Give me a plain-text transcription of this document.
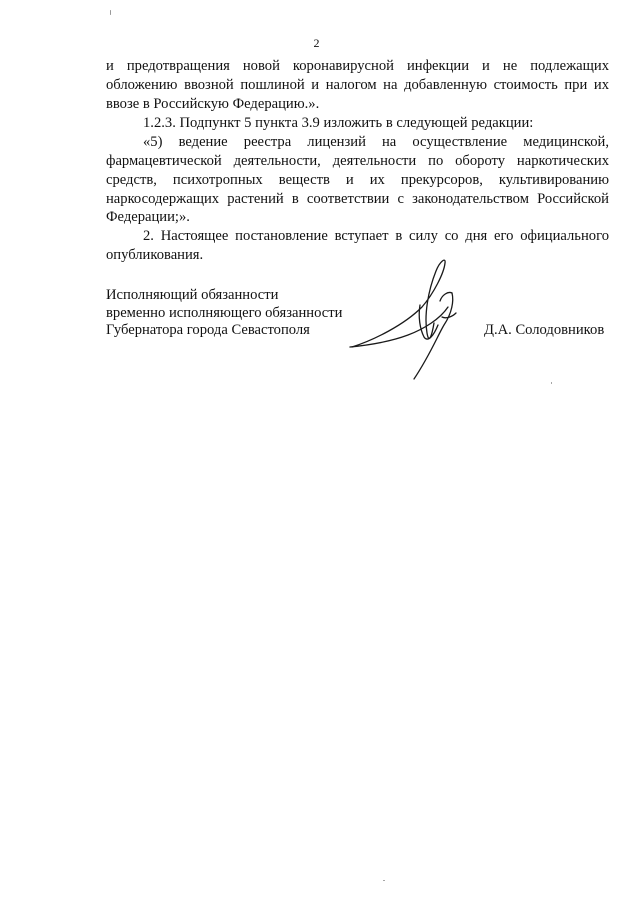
2
и предотвращения новой коронавирусной инфекции и не подлежащих
обложению ввозной пошлиной и налогом на добавленную стоимость при их
ввозе в Российскую Федерацию.».
1.2.3. Подпункт 5 пункта 3.9 изложить в следующей редакции:
«5) ведение реестра лицензий на осуществление медицинской,
фармацевтической деятельности, деятельности по обороту наркотических
средств, психотропных веществ и их прекурсоров, культивированию
наркосодержащих растений в соответствии с законодательством Российской
Федерации;».
2. Настоящее постановление вступает в силу со дня его официального
опубликования.
Исполняющий обязанности
временно исполняющего обязанности
Губернатора города Севастополя	Д.А. Солодовников
